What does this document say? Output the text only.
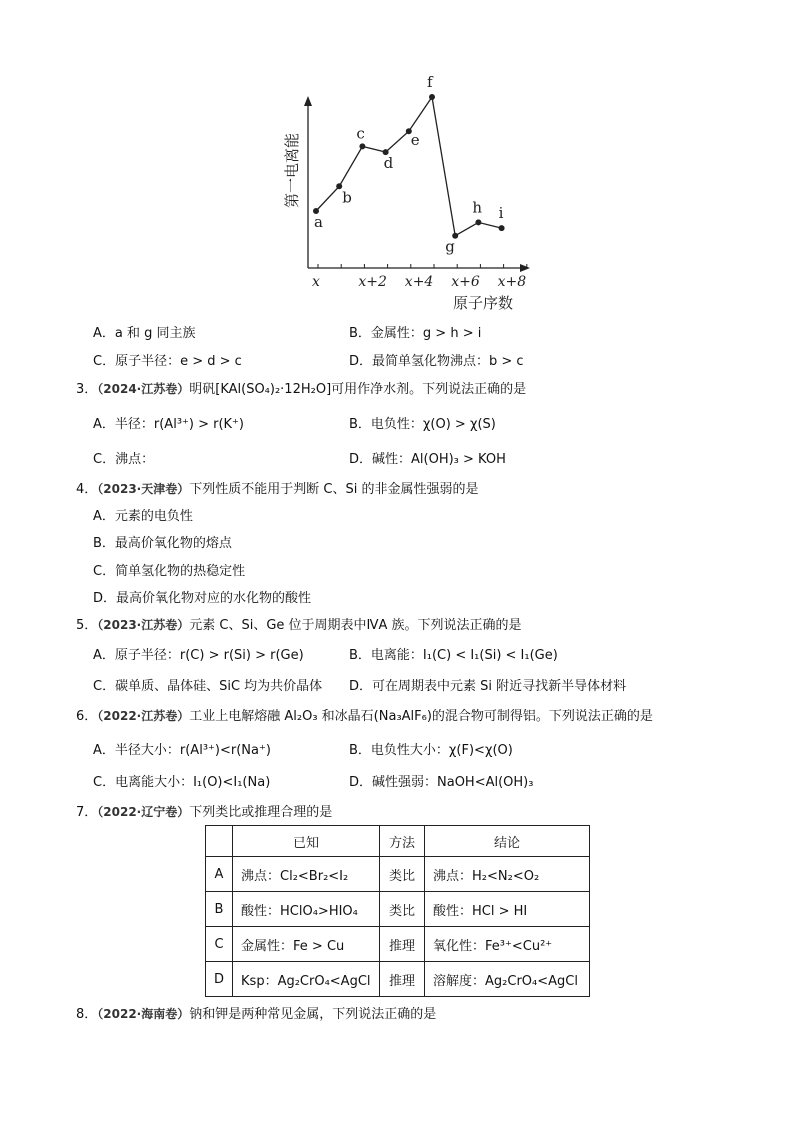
x	x+2 x+4 x+6 x+8
a
b
c
d
e
f
g
h i
原子序数
第一电离能
A．a 和 g 同主族	B．金属性：g > h > i
C．原子半径：e > d > c	D．最简单氢化物沸点：b > c
3．（2024·江苏卷）明矾[KAl(SO₄)₂·12H₂O]可用作净水剂。下列说法正确的是
A．半径：r(Al³⁺) > r(K⁺)	B．电负性：χ(O) > χ(S)
C．沸点：	D．碱性：Al(OH)₃ > KOH
4．（2023·天津卷）下列性质不能用于判断 C、Si 的非金属性强弱的是
A．元素的电负性
B．最高价氧化物的熔点
C．简单氢化物的热稳定性
D．最高价氧化物对应的水化物的酸性
5．（2023·江苏卷）元素 C、Si、Ge 位于周期表中ⅣA 族。下列说法正确的是
A．原子半径：r(C) > r(Si) > r(Ge)	B．电离能：I₁(C) < I₁(Si) < I₁(Ge)
C．碳单质、晶体硅、SiC 均为共价晶体 D．可在周期表中元素 Si 附近寻找新半导体材料
6．（2022·江苏卷）工业上电解熔融 Al₂O₃ 和冰晶石(Na₃AlF₆)的混合物可制得铝。下列说法正确的是
A．半径大小：r(Al³⁺)<r(Na⁺)	B．电负性大小：χ(F)<χ(O)
C．电离能大小：I₁(O)<I₁(Na)	D．碱性强弱：NaOH<Al(OH)₃
7．（2022·辽宁卷）下列类比或推理合理的是
	已知	方法	结论
A	沸点：Cl₂<Br₂<I₂	类比	沸点：H₂<N₂<O₂
B	酸性：HClO₄>HIO₄	类比	酸性：HCl > HI
C	金属性：Fe > Cu	推理	氧化性：Fe³⁺<Cu²⁺
D	Ksp：Ag₂CrO₄<AgCl	推理	溶解度：Ag₂CrO₄<AgCl
8．（2022·海南卷）钠和钾是两种常见金属，下列说法正确的是
